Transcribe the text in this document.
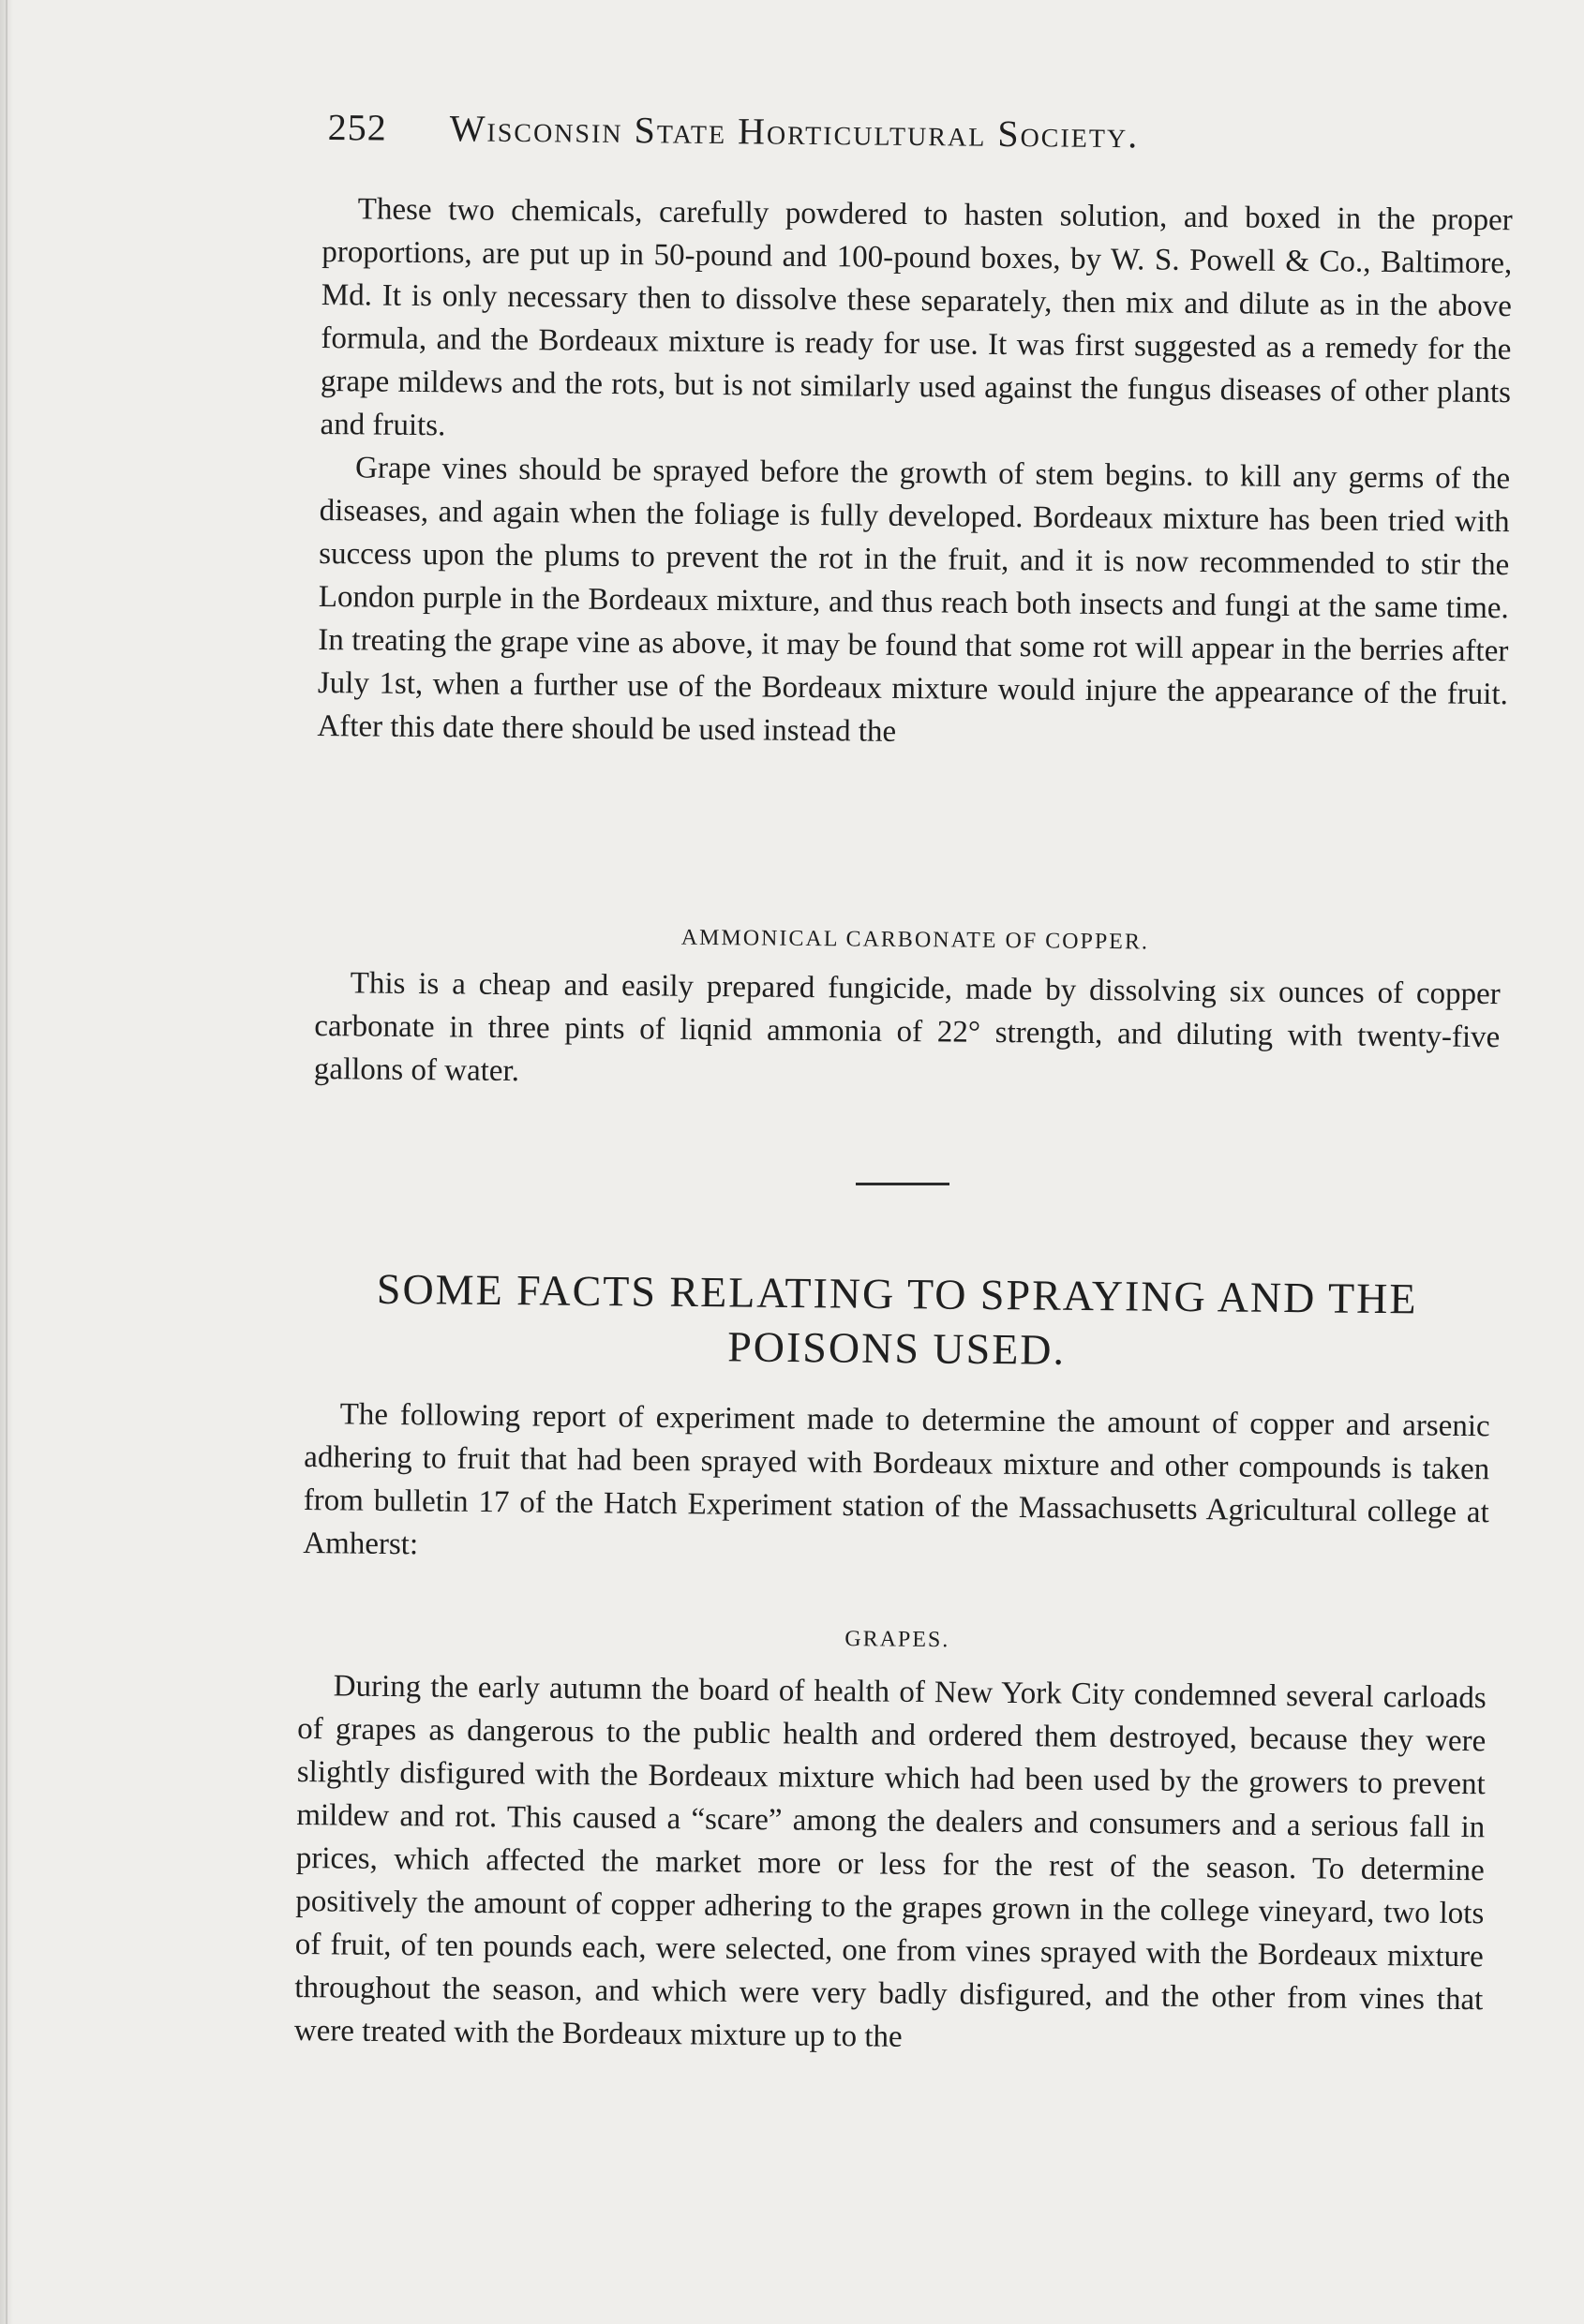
252 Wisconsin State Horticultural Society.

These two chemicals, carefully powdered to hasten solution, and boxed in the proper proportions, are put up in 50-pound and 100-pound boxes, by W. S. Powell & Co., Baltimore, Md. It is only necessary then to dissolve these separately, then mix and dilute as in the above formula, and the Bordeaux mixture is ready for use. It was first suggested as a remedy for the grape mildews and the rots, but is not similarly used against the fungus diseases of other plants and fruits.

Grape vines should be sprayed before the growth of stem begins. to kill any germs of the diseases, and again when the foliage is fully developed. Bordeaux mixture has been tried with success upon the plums to prevent the rot in the fruit, and it is now recommended to stir the London purple in the Bordeaux mixture, and thus reach both insects and fungi at the same time. In treating the grape vine as above, it may be found that some rot will appear in the berries after July 1st, when a further use of the Bordeaux mixture would injure the appearance of the fruit. After this date there should be used instead the

AMMONICAL CARBONATE OF COPPER.

This is a cheap and easily prepared fungicide, made by dissolving six ounces of copper carbonate in three pints of liqnid ammonia of 22° strength, and diluting with twenty-five gallons of water.

SOME FACTS RELATING TO SPRAYING AND THE
POISONS USED.

The following report of experiment made to determine the amount of copper and arsenic adhering to fruit that had been sprayed with Bordeaux mixture and other compounds is taken from bulletin 17 of the Hatch Experiment station of the Massachusetts Agricultural college at Amherst:

GRAPES.

During the early autumn the board of health of New York City condemned several carloads of grapes as dangerous to the public health and ordered them destroyed, because they were slightly disfigured with the Bordeaux mixture which had been used by the growers to prevent mildew and rot. This caused a “scare” among the dealers and consumers and a serious fall in prices, which affected the market more or less for the rest of the season. To determine positively the amount of copper adhering to the grapes grown in the college vineyard, two lots of fruit, of ten pounds each, were selected, one from vines sprayed with the Bordeaux mixture throughout the season, and which were very badly disfigured, and the other from vines that were treated with the Bordeaux mixture up to the
